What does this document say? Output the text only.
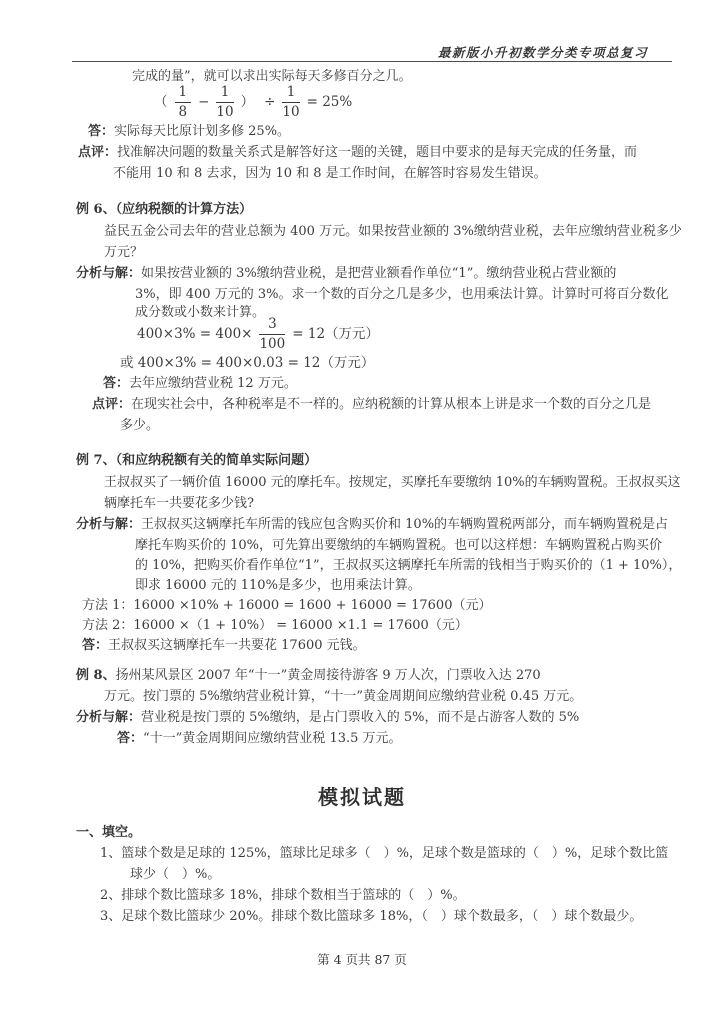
最新版小升初数学分类专项总复习
完成的量”，就可以求出实际每天多修百分之几。
（ $\frac{1}{8} - \frac{1}{10}$ ） ÷ $\frac{1}{10} = 25\%$
答：实际每天比原计划多修 25%。
点评：找准解决问题的数量关系式是解答好这一题的关键，题目中要求的是每天完成的任务量，而
不能用 10 和 8 去求，因为 10 和 8 是工作时间，在解答时容易发生错误。
例 6、（应纳税额的计算方法）
益民五金公司去年的营业总额为 400 万元。如果按营业额的 3%缴纳营业税，去年应缴纳营业税多少
万元？
分析与解：如果按营业额的 3%缴纳营业税，是把营业额看作单位“1”。缴纳营业税占营业额的
3%，即 400 万元的 3%。求一个数的百分之几是多少，也用乘法计算。计算时可将百分数化
成分数或小数来计算。
$400\times 3\% = 400\times \frac{3}{100} = 12$（万元）
或 400×3% = 400×0.03 = 12（万元）
答：去年应缴纳营业税 12 万元。
点评：在现实社会中，各种税率是不一样的。应纳税额的计算从根本上讲是求一个数的百分之几是
多少。
例 7、（和应纳税额有关的简单实际问题）
王叔叔买了一辆价值 16000 元的摩托车。按规定，买摩托车要缴纳 10%的车辆购置税。王叔叔买这
辆摩托车一共要花多少钱?
分析与解：王叔叔买这辆摩托车所需的钱应包含购买价和 10%的车辆购置税两部分，而车辆购置税是占
摩托车购买价的 10%，可先算出要缴纳的车辆购置税。也可以这样想：车辆购置税占购买价
的 10%，把购买价看作单位“1”，王叔叔买这辆摩托车所需的钱相当于购买价的（1 + 10%），
即求 16000 元的 110%是多少，也用乘法计算。
方法 1：16000 ×10% + 16000 = 1600 + 16000 = 17600（元）
方法 2：16000 ×（1 + 10%） = 16000 ×1.1 = 17600（元）
答：王叔叔买这辆摩托车一共要花 17600 元钱。
例 8、扬州某风景区 2007 年“十一”黄金周接待游客 9 万人次，门票收入达 270
万元。按门票的 5%缴纳营业税计算，“十一”黄金周期间应缴纳营业税 0.45 万元。
分析与解：营业税是按门票的 5%缴纳，是占门票收入的 5%，而不是占游客人数的 5%
答：“十一”黄金周期间应缴纳营业税 13.5 万元。
模拟试题
一、填空。
1、篮球个数是足球的 125%，篮球比足球多（　）%，足球个数是篮球的（　）%，足球个数比篮
球少（　）%。
2、排球个数比篮球多 18%，排球个数相当于篮球的（　）%。
3、足球个数比篮球少 20%。排球个数比篮球多 18%，（　）球个数最多，（　）球个数最少。
第 4 页共 87 页
